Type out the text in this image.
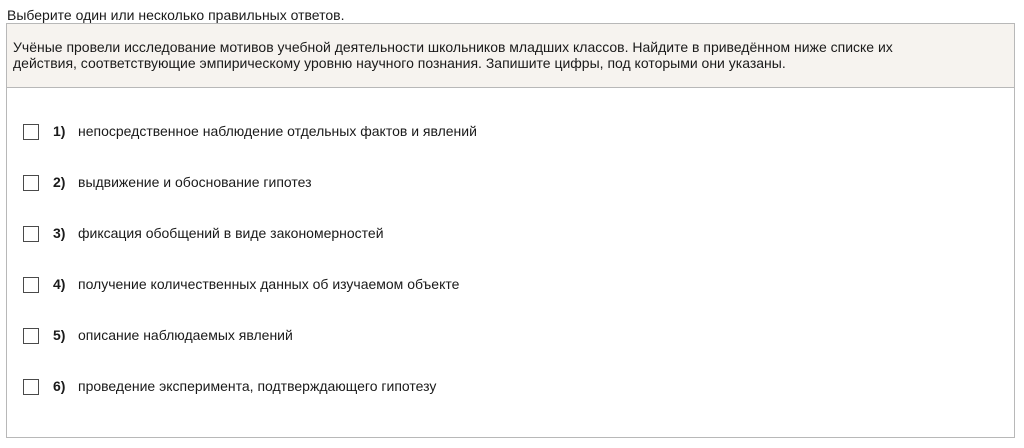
Выберите один или несколько правильных ответов.
Учёные провели исследование мотивов учебной деятельности школьников младших классов. Найдите в приведённом ниже списке их
действия, соответствующие эмпирическому уровню научного познания. Запишите цифры, под которыми они указаны.
1) непосредственное наблюдение отдельных фактов и явлений
2) выдвижение и обоснование гипотез
3) фиксация обобщений в виде закономерностей
4) получение количественных данных об изучаемом объекте
5) описание наблюдаемых явлений
6) проведение эксперимента, подтверждающего гипотезу
